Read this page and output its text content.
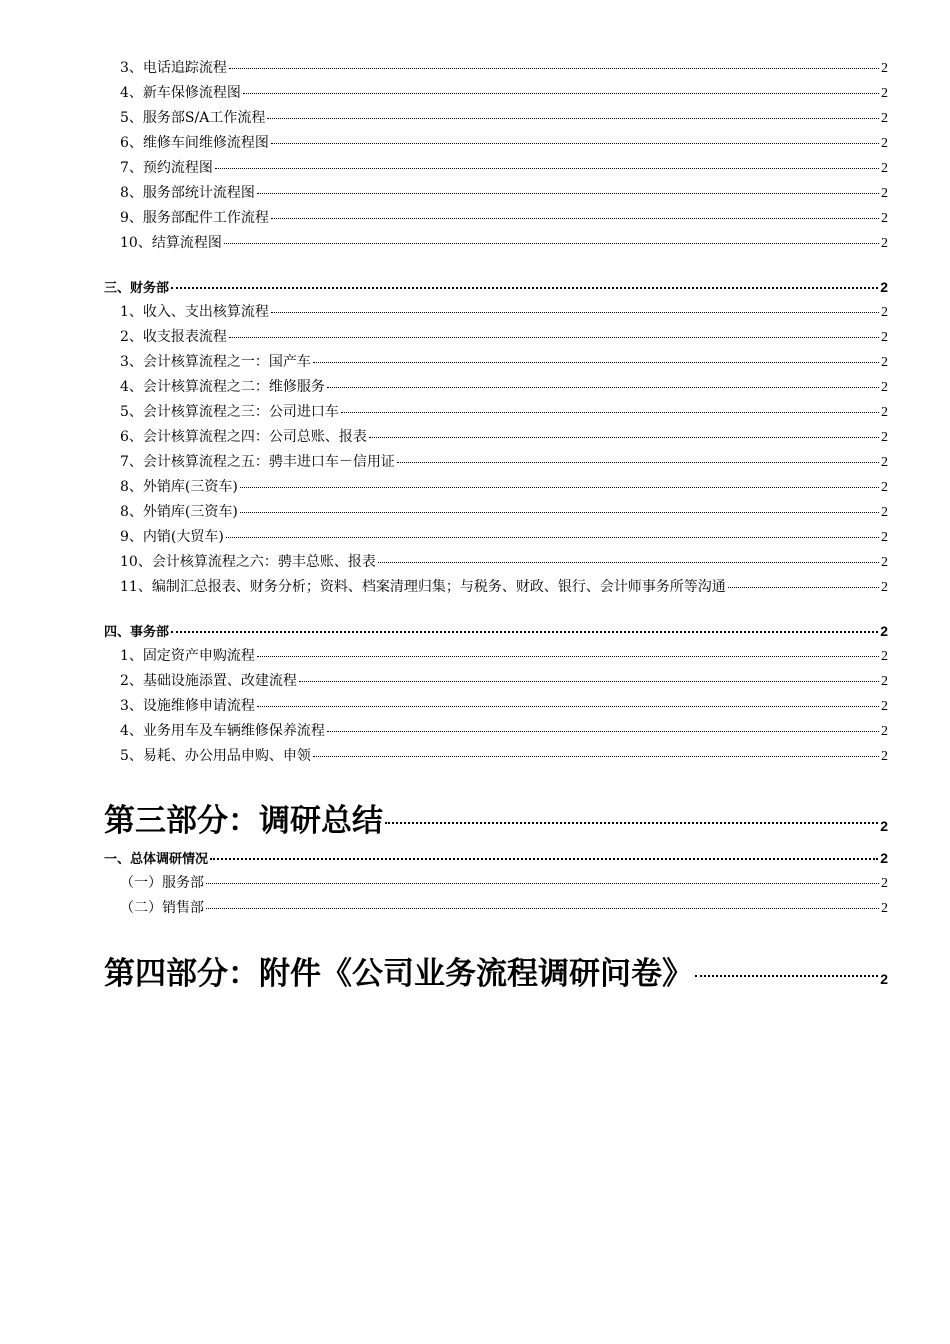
3、电话追踪流程	2
4、新车保修流程图	2
5、服务部S/A工作流程	2
6、维修车间维修流程图	2
7、预约流程图	2
8、服务部统计流程图	2
9、服务部配件工作流程	2
10、结算流程图	2
三、财务部	2
1、收入、支出核算流程	2
2、收支报表流程	2
3、会计核算流程之一：国产车	2
4、会计核算流程之二：维修服务	2
5、会计核算流程之三：公司进口车	2
6、会计核算流程之四：公司总账、报表	2
7、会计核算流程之五：骋丰进口车－信用证	2
8、外销库(三资车)	2
8、外销库(三资车)	2
9、内销(大贸车)	2
10、会计核算流程之六：骋丰总账、报表	2
11、编制汇总报表、财务分析；资料、档案清理归集；与税务、财政、银行、会计师事务所等沟通	2
四、事务部	2
1、固定资产申购流程	2
2、基础设施添置、改建流程	2
3、设施维修申请流程	2
4、业务用车及车辆维修保养流程	2
5、易耗、办公用品申购、申领	2
第三部分：调研总结	2
一、总体调研情况	2
（一）服务部	2
（二）销售部	2
第四部分：附件《公司业务流程调研问卷》	2
